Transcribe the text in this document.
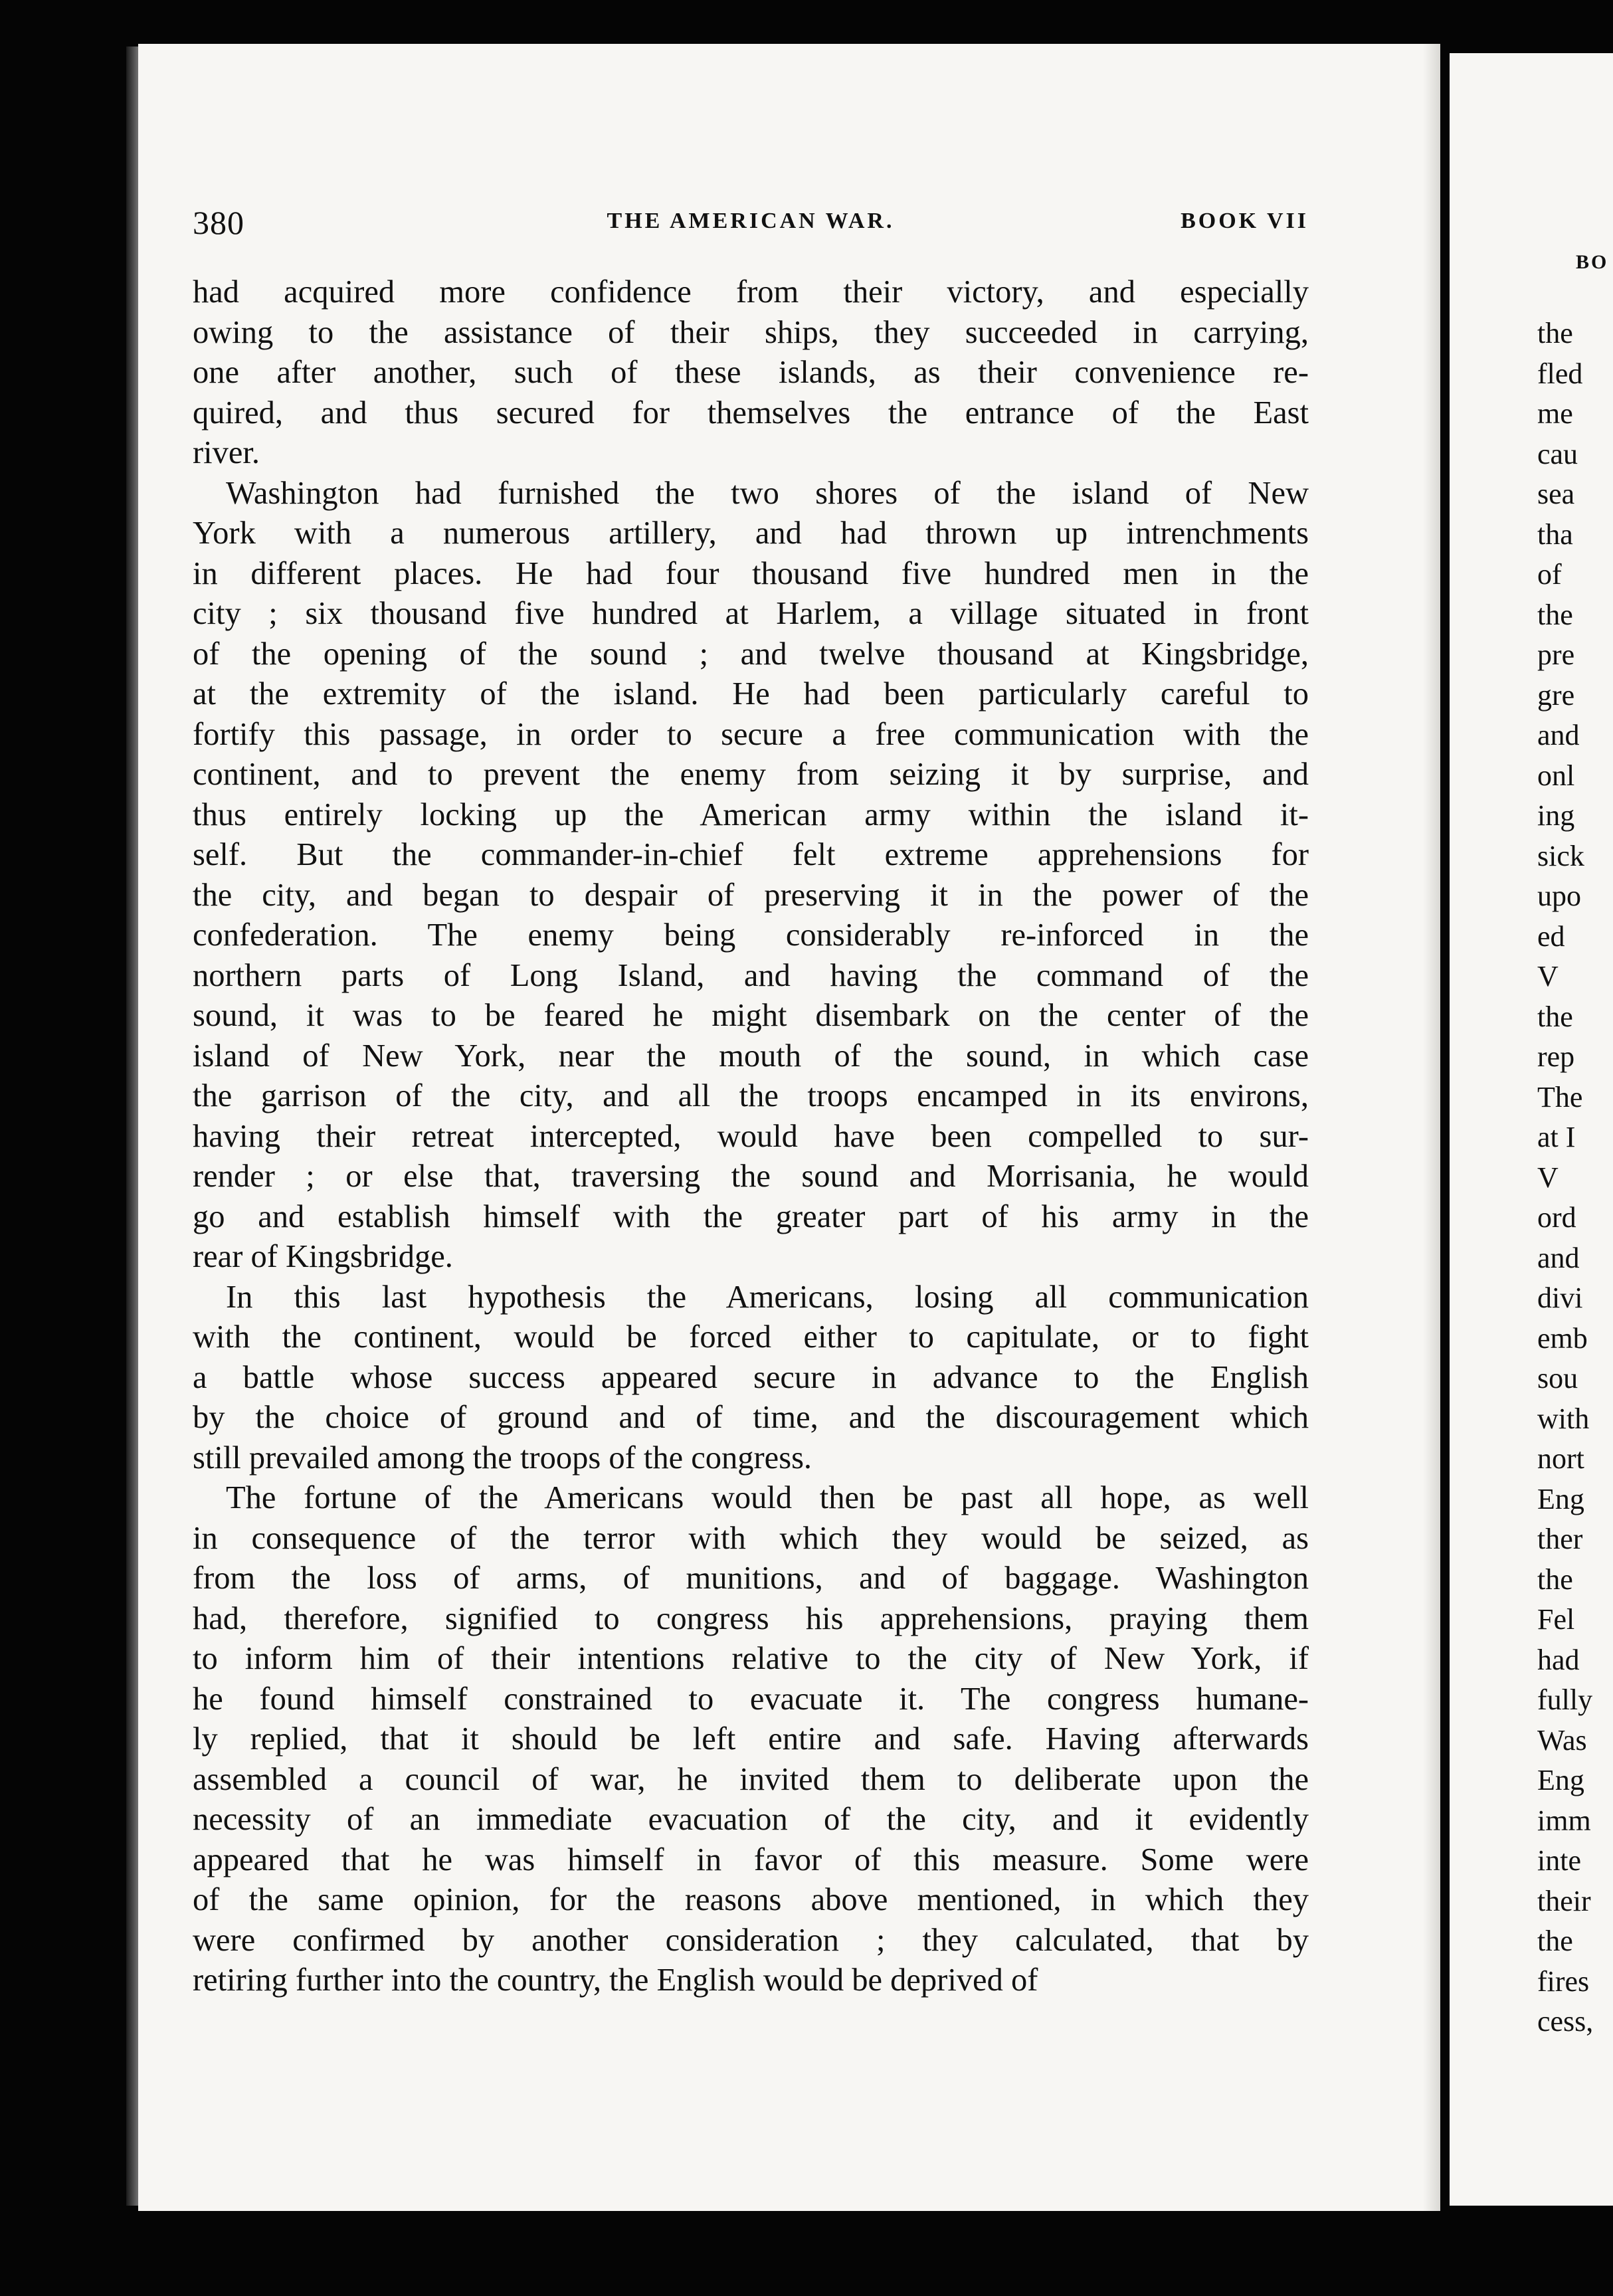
380	THE AMERICAN WAR.	BOOK VII

had acquired more confidence from their victory, and especially

owing to the assistance of their ships, they succeeded in carrying,

one after another, such of these islands, as their convenience re-

quired, and thus secured for themselves the entrance of the East

river.

Washington had furnished the two shores of the island of New

York with a numerous artillery, and had thrown up intrenchments

in different places. He had four thousand five hundred men in the

city ; six thousand five hundred at Harlem, a village situated in front

of the opening of the sound ; and twelve thousand at Kingsbridge,

at the extremity of the island. He had been particularly careful to

fortify this passage, in order to secure a free communication with the

continent, and to prevent the enemy from seizing it by surprise, and

thus entirely locking up the American army within the island it-

self. But the commander-in-chief felt extreme apprehensions for

the city, and began to despair of preserving it in the power of the

confederation. The enemy being considerably re-inforced in the

northern parts of Long Island, and having the command of the

sound, it was to be feared he might disembark on the center of the

island of New York, near the mouth of the sound, in which case

the garrison of the city, and all the troops encamped in its environs,

having their retreat intercepted, would have been compelled to sur-

render ; or else that, traversing the sound and Morrisania, he would

go and establish himself with the greater part of his army in the

rear of Kingsbridge.

In this last hypothesis the Americans, losing all communication

with the continent, would be forced either to capitulate, or to fight

a battle whose success appeared secure in advance to the English

by the choice of ground and of time, and the discouragement which

still prevailed among the troops of the congress.

The fortune of the Americans would then be past all hope, as well

in consequence of the terror with which they would be seized, as

from the loss of arms, of munitions, and of baggage. Washington

had, therefore, signified to congress his apprehensions, praying them

to inform him of their intentions relative to the city of New York, if

he found himself constrained to evacuate it. The congress humane-

ly replied, that it should be left entire and safe. Having afterwards

assembled a council of war, he invited them to deliberate upon the

necessity of an immediate evacuation of the city, and it evidently

appeared that he was himself in favor of this measure. Some were

of the same opinion, for the reasons above mentioned, in which they

were confirmed by another consideration ; they calculated, that by

retiring further into the country, the English would be deprived of

BO
the
fled
me
cau
sea
tha
of
the
pre
gre
and
onl
ing
sick
upo
ed
V
the
rep
The
at I
V
ord
and
divi
emb
sou
with
nort
Eng
ther
the
Fel
had
fully
Was
Eng
imm
inte
their
the
fires
cess,
